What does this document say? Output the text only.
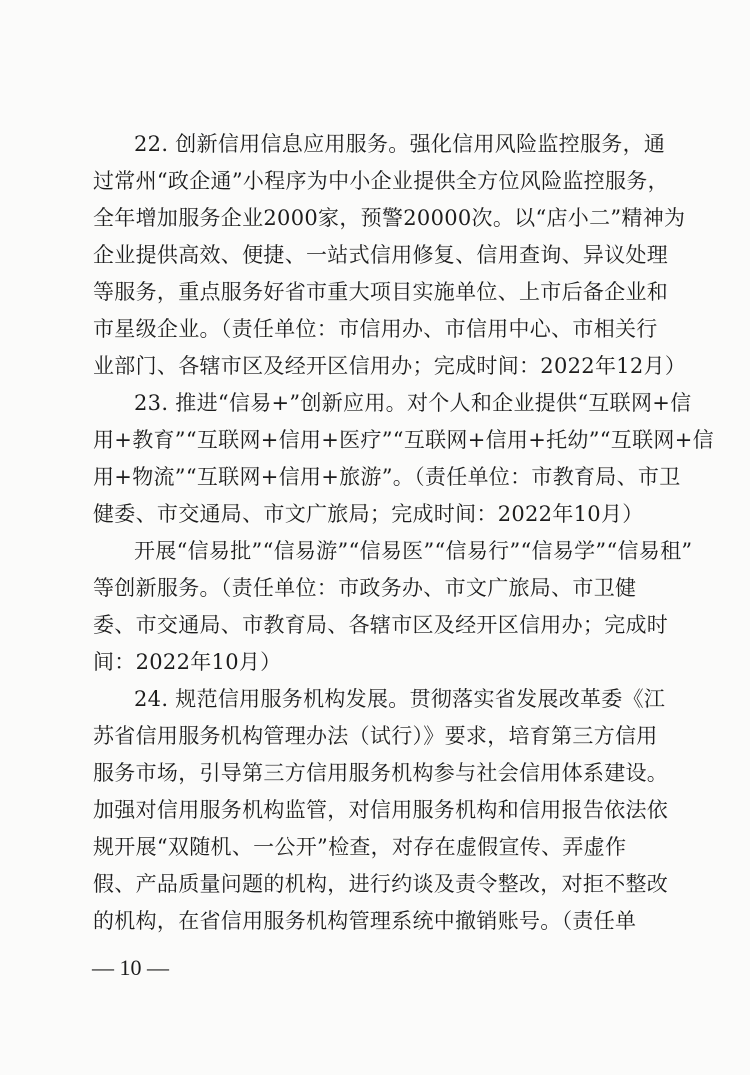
22. 创新信用信息应用服务。强化信用风险监控服务，通
过常州“政企通”小程序为中小企业提供全方位风险监控服务，
全年增加服务企业2000家，预警20000次。以“店小二”精神为
企业提供高效、便捷、一站式信用修复、信用查询、异议处理
等服务，重点服务好省市重大项目实施单位、上市后备企业和
市星级企业。（责任单位：市信用办、市信用中心、市相关行
业部门、各辖市区及经开区信用办；完成时间：2022年12月）
23. 推进“信易+”创新应用。对个人和企业提供“互联网+信
用+教育”“互联网+信用+医疗”“互联网+信用+托幼”“互联网+信
用+物流”“互联网+信用+旅游”。（责任单位：市教育局、市卫
健委、市交通局、市文广旅局；完成时间：2022年10月）
开展“信易批”“信易游”“信易医”“信易行”“信易学”“信易租”
等创新服务。（责任单位：市政务办、市文广旅局、市卫健
委、市交通局、市教育局、各辖市区及经开区信用办；完成时
间：2022年10月）
24. 规范信用服务机构发展。贯彻落实省发展改革委《江
苏省信用服务机构管理办法（试行）》要求，培育第三方信用
服务市场，引导第三方信用服务机构参与社会信用体系建设。
加强对信用服务机构监管，对信用服务机构和信用报告依法依
规开展“双随机、一公开”检查，对存在虚假宣传、弄虚作
假、产品质量问题的机构，进行约谈及责令整改，对拒不整改
的机构，在省信用服务机构管理系统中撤销账号。（责任单
— 10 —
